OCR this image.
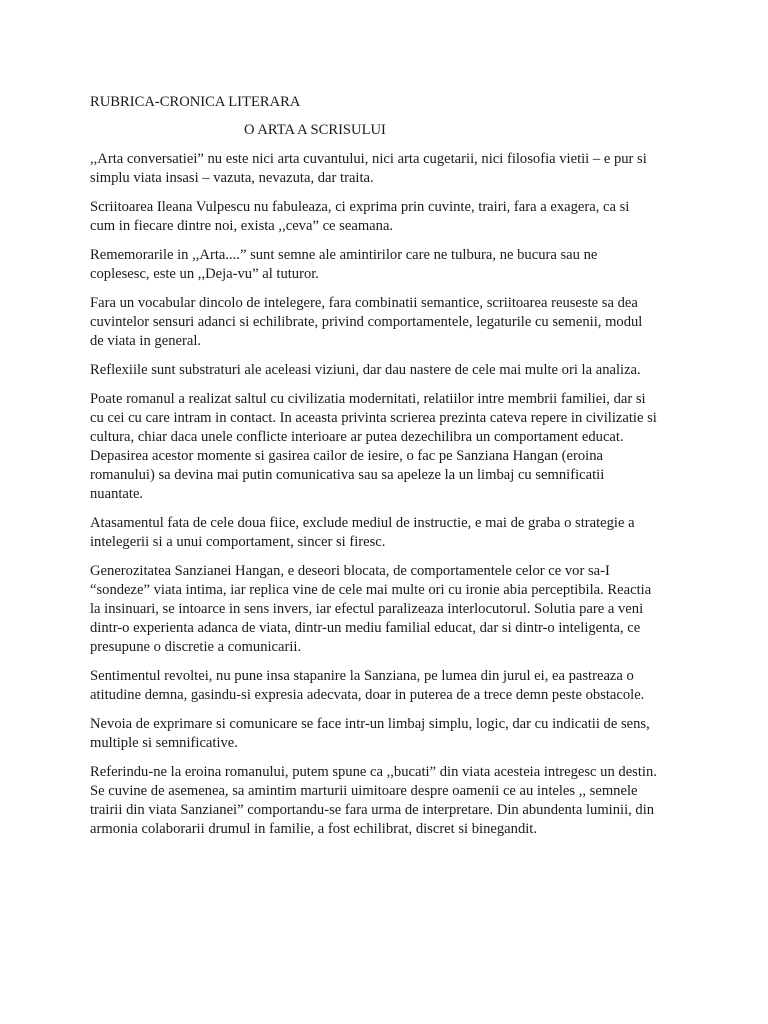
RUBRICA-CRONICA LITERARA
O ARTA A SCRISULUI

,,Arta conversatiei” nu este nici arta cuvantului, nici arta cugetarii, nici filosofia vietii – e pur si
simplu viata insasi – vazuta, nevazuta, dar traita.

Scriitoarea Ileana Vulpescu nu fabuleaza, ci exprima prin cuvinte, trairi, fara a exagera, ca si
cum in fiecare dintre noi, exista ,,ceva” ce seamana.

Rememorarile in ,,Arta....” sunt semne ale amintirilor care ne tulbura, ne bucura sau ne
coplesesc, este un ,,Deja-vu” al tuturor.

Fara un vocabular dincolo de intelegere, fara combinatii semantice, scriitoarea reuseste sa dea
cuvintelor sensuri adanci si echilibrate, privind comportamentele, legaturile cu semenii, modul
de viata in general.

Reflexiile sunt substraturi ale aceleasi viziuni, dar dau nastere de cele mai multe ori la analiza.

Poate romanul a realizat saltul cu civilizatia modernitati, relatiilor intre membrii familiei, dar si
cu cei cu care intram in contact. In aceasta privinta scrierea prezinta cateva repere in civilizatie si
cultura, chiar daca unele conflicte interioare ar putea dezechilibra un comportament educat.
Depasirea acestor momente si gasirea cailor de iesire, o fac pe Sanziana Hangan (eroina
romanului) sa devina mai putin comunicativa sau sa apeleze la un limbaj cu semnificatii
nuantate.

Atasamentul fata de cele doua fiice, exclude mediul de instructie, e mai de graba o strategie a
intelegerii si a unui comportament, sincer si firesc.

Generozitatea Sanzianei Hangan, e deseori blocata, de comportamentele celor ce vor sa-I
“sondeze” viata intima, iar replica vine de cele mai multe ori cu ironie abia perceptibila. Reactia
la insinuari, se intoarce in sens invers, iar efectul paralizeaza interlocutorul. Solutia pare a veni
dintr-o experienta adanca de viata, dintr-un mediu familial educat, dar si dintr-o inteligenta, ce
presupune o discretie a comunicarii.

Sentimentul revoltei, nu pune insa stapanire la Sanziana, pe lumea din jurul ei, ea pastreaza o
atitudine demna, gasindu-si expresia adecvata, doar in puterea de a trece demn peste obstacole.

Nevoia de exprimare si comunicare se face intr-un limbaj simplu, logic, dar cu indicatii de sens,
multiple si semnificative.

Referindu-ne la eroina romanului, putem spune ca ,,bucati” din viata acesteia intregesc un destin.
Se cuvine de asemenea, sa amintim marturii uimitoare despre oamenii ce au inteles ,, semnele
trairii din viata Sanzianei” comportandu-se fara urma de interpretare. Din abundenta luminii, din
armonia colaborarii drumul in familie, a fost echilibrat, discret si binegandit.
